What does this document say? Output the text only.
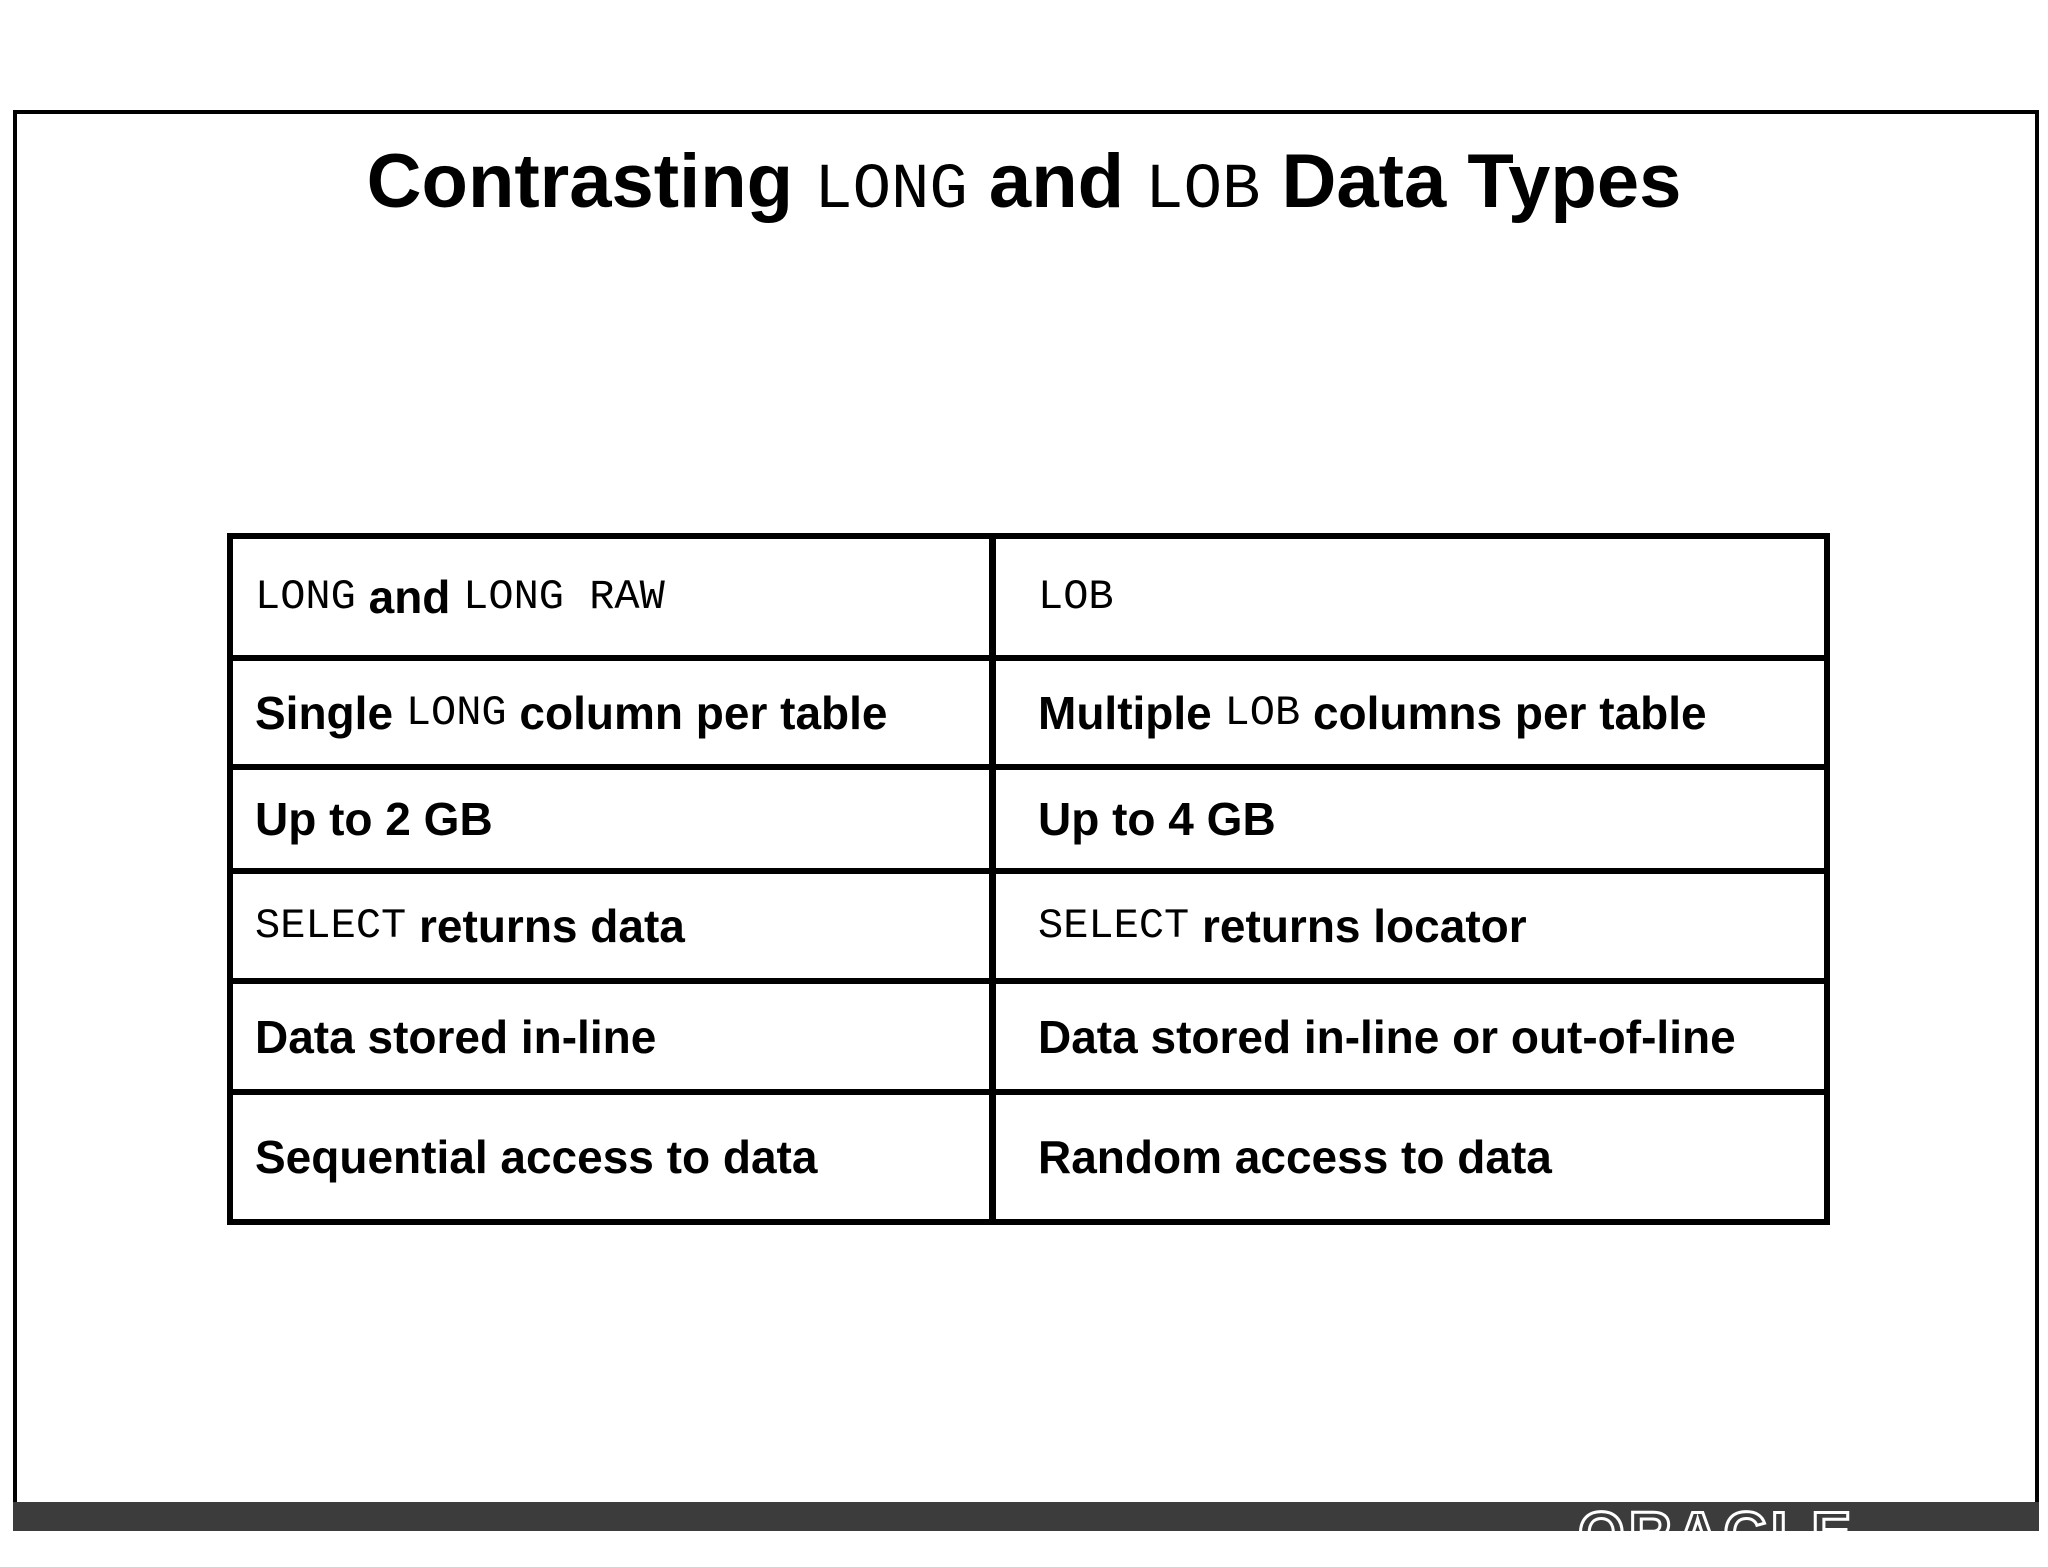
Contrasting LONG and LOB Data Types
LONG and LONG RAW	LOB
Single LONG column per table	Multiple LOB columns per table
Up to 2 GB	Up to 4 GB
SELECT returns data	SELECT returns locator
Data stored in-line	Data stored in-line or out-of-line
Sequential access to data	Random access to data
ORACLE
